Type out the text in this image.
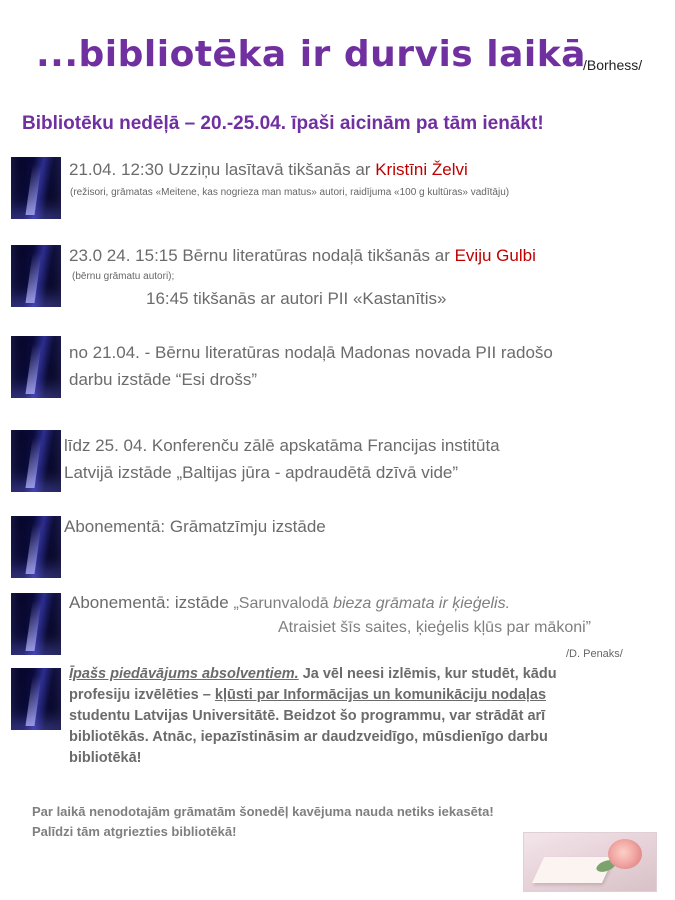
...bibliotēka ir durvis laikā
/Borhess/
Bibliotēku nedēļā – 20.-25.04. īpaši aicinām pa tām ienākt!
21.04. 12:30 Uzziņu lasītavā tikšanās ar Kristīni Želvi
(režisori, grāmatas «Meitene, kas nogrieza man matus» autori, raidījuma «100 g kultūras» vadītāju)
23.0 24. 15:15 Bērnu literatūras nodaļā tikšanās ar Eviju Gulbi
(bērnu grāmatu autori);
16:45 tikšanās ar autori PII «Kastanītis»
no 21.04. - Bērnu literatūras nodaļā Madonas novada PII radošo
darbu izstāde “Esi drošs”
līdz 25. 04. Konferenču zālē apskatāma Francijas institūta
Latvijā izstāde „Baltijas jūra - apdraudētā dzīvā vide”
Abonementā: Grāmatzīmju izstāde
Abonementā: izstāde „Sarunvalodā bieza grāmata ir ķieģelis.
Atraisiet šīs saites, ķieģelis kļūs par mākoni”
/D. Penaks/
Īpašs piedāvājums absolventiem. Ja vēl neesi izlēmis, kur studēt, kādu
profesiju izvēlēties – kļūsti par Informācijas un komunikāciju nodaļas
studentu Latvijas Universitātē. Beidzot šo programmu, var strādāt arī
bibliotēkās. Atnāc, iepazīstināsim ar daudzveidīgo, mūsdienīgo darbu
bibliotēkā!
Par laikā nenodotajām grāmatām šonedēļ kavējuma nauda netiks iekasēta!
Palīdzi tām atgriezties bibliotēkā!
